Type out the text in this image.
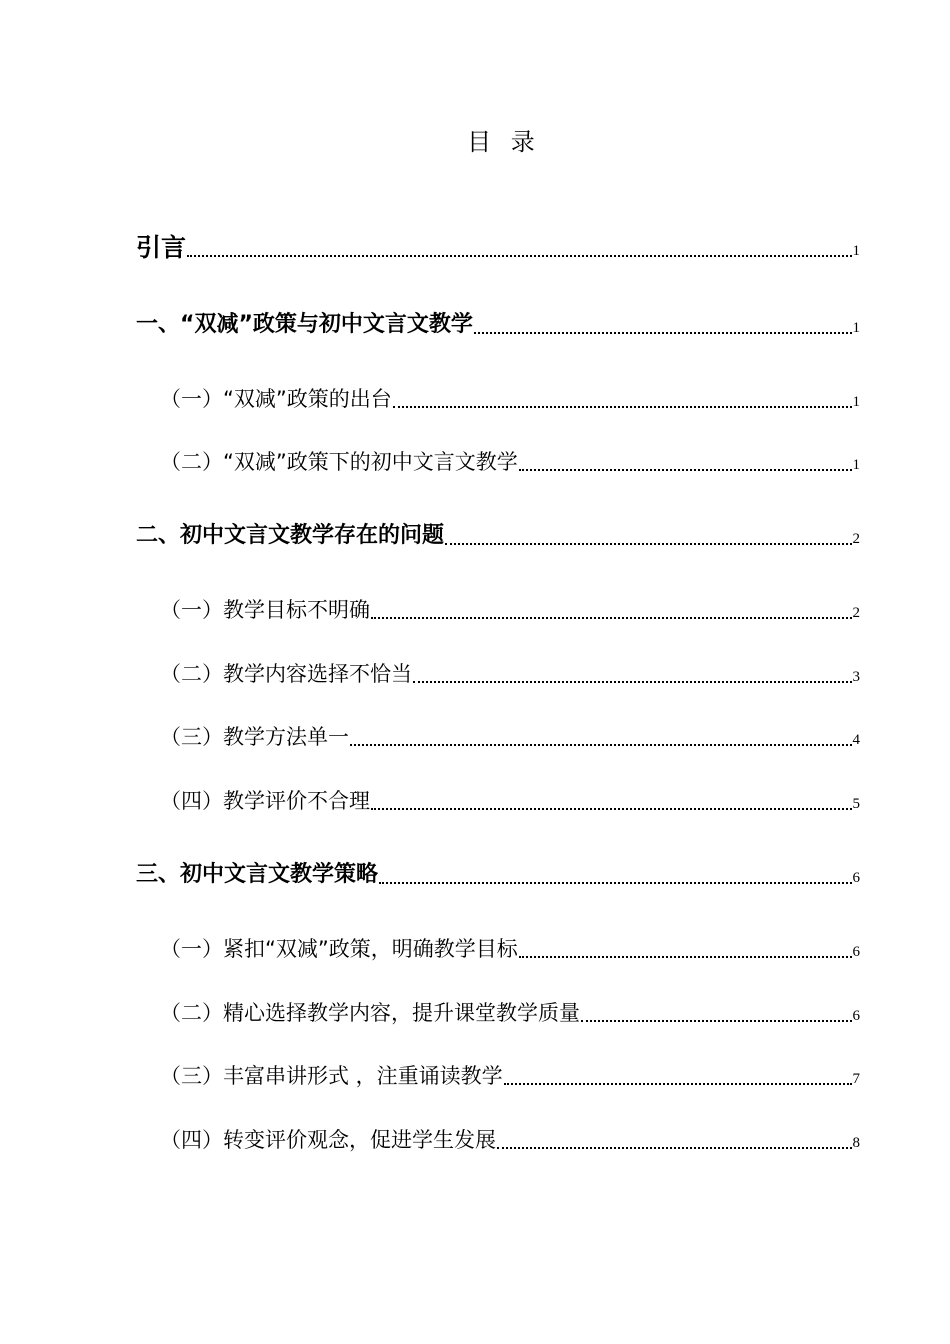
目 录
引言	1
一、“双减”政策与初中文言文教学	1
（一）“双减”政策的出台	1
（二）“双减”政策下的初中文言文教学	1
二、初中文言文教学存在的问题	2
（一）教学目标不明确	2
（二）教学内容选择不恰当	3
（三）教学方法单一	4
（四）教学评价不合理	5
三、初中文言文教学策略	6
（一）紧扣“双减”政策，明确教学目标	6
（二）精心选择教学内容，提升课堂教学质量	6
（三）丰富串讲形式 ，注重诵读教学	7
（四）转变评价观念，促进学生发展	8
